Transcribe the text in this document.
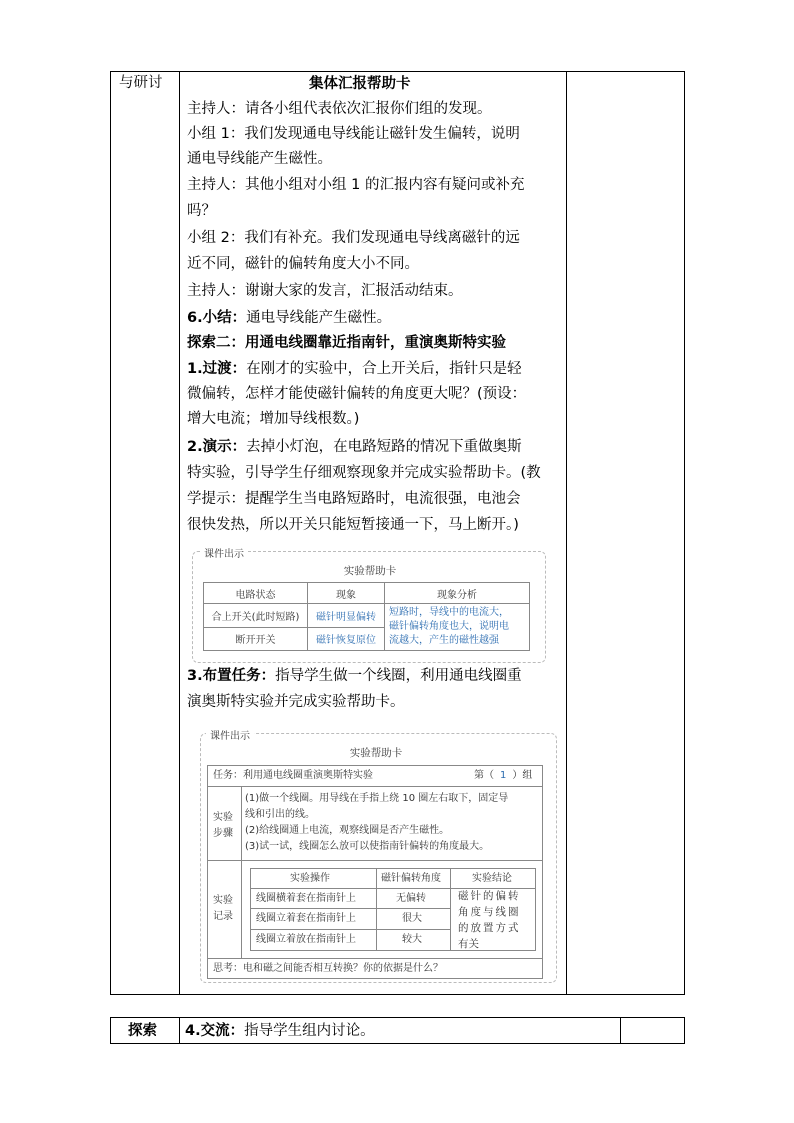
与研讨	集体汇报帮助卡
主持人：请各小组代表依次汇报你们组的发现。
小组 1：我们发现通电导线能让磁针发生偏转，说明
通电导线能产生磁性。
主持人：其他小组对小组 1 的汇报内容有疑问或补充
吗？
小组 2：我们有补充。我们发现通电导线离磁针的远
近不同，磁针的偏转角度大小不同。
主持人：谢谢大家的发言，汇报活动结束。
6.小结：通电导线能产生磁性。
探索二：用通电线圈靠近指南针，重演奥斯特实验
1.过渡：在刚才的实验中，合上开关后，指针只是轻
微偏转，怎样才能使磁针偏转的角度更大呢？(预设：
增大电流；增加导线根数。)
2.演示：去掉小灯泡，在电路短路的情况下重做奥斯
特实验，引导学生仔细观察现象并完成实验帮助卡。(教
学提示：提醒学生当电路短路时，电流很强，电池会
很快发热，所以开关只能短暂接通一下，马上断开。)
课件出示
实验帮助卡
电路状态	现象	现象分析
合上开关(此时短路)	磁针明显偏转	短路时，导线中的电流大，
磁针偏转角度也大，说明电
流越大，产生的磁性越强

断开开关	磁针恢复原位	
3.布置任务：指导学生做一个线圈，利用通电线圈重
演奥斯特实验并完成实验帮助卡。
课件出示
实验帮助卡
任务：利用通电线圈重演奥斯特实验	第（ 1 ）组
实验
步骤
(1)做一个线圈。用导线在手指上绕 10 圈左右取下，固定导
线和引出的线。
(2)给线圈通上电流，观察线圈是否产生磁性。
(3)试一试，线圈怎么放可以使指南针偏转的角度最大。
实验
记录
实验操作	磁针偏转角度	实验结论
线圈横着套在指南针上	无偏转
线圈立着套在指南针上	很大
线圈立着放在指南针上	较大
磁针的偏转
角度与线圈
的放置方式
有关
思考：电和磁之间能否相互转换？你的依据是什么？
探索 4.交流：指导学生组内讨论。
